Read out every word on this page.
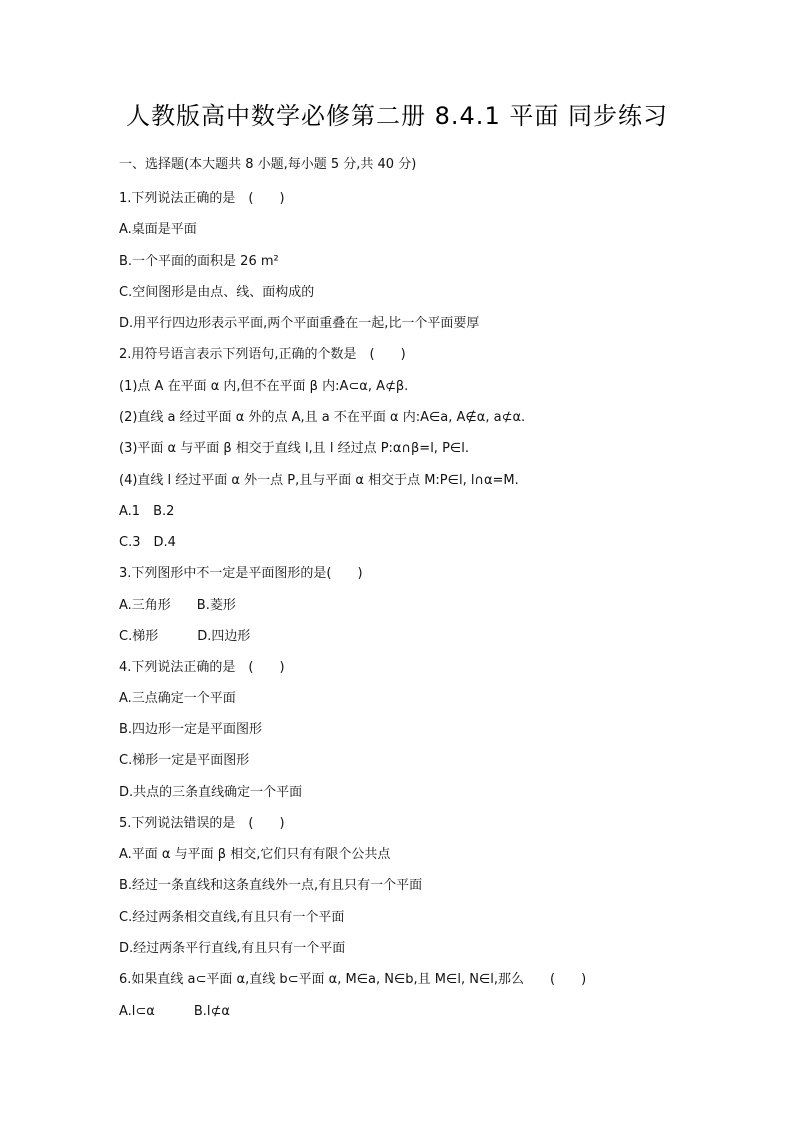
人教版高中数学必修第二册 8.4.1 平面 同步练习
一、选择题(本大题共 8 小题,每小题 5 分,共 40 分)
1.下列说法正确的是　(　　)
A.桌面是平面
B.一个平面的面积是 26 m²
C.空间图形是由点、线、面构成的
D.用平行四边形表示平面,两个平面重叠在一起,比一个平面要厚
2.用符号语言表示下列语句,正确的个数是　(　　)
(1)点 A 在平面 α 内,但不在平面 β 内:A⊂α, A⊄β.
(2)直线 a 经过平面 α 外的点 A,且 a 不在平面 α 内:A∈a, A∉α, a⊄α.
(3)平面 α 与平面 β 相交于直线 l,且 l 经过点 P:α∩β=l, P∈l.
(4)直线 l 经过平面 α 外一点 P,且与平面 α 相交于点 M:P∈l, l∩α=M.
A.1　B.2
C.3　D.4
3.下列图形中不一定是平面图形的是(　　)
A.三角形　　B.菱形
C.梯形　　　D.四边形
4.下列说法正确的是　(　　)
A.三点确定一个平面
B.四边形一定是平面图形
C.梯形一定是平面图形
D.共点的三条直线确定一个平面
5.下列说法错误的是　(　　)
A.平面 α 与平面 β 相交,它们只有有限个公共点
B.经过一条直线和这条直线外一点,有且只有一个平面
C.经过两条相交直线,有且只有一个平面
D.经过两条平行直线,有且只有一个平面
6.如果直线 a⊂平面 α,直线 b⊂平面 α, M∈a, N∈b,且 M∈l, N∈l,那么　　(　　)
A.l⊂α　　　B.l⊄α
